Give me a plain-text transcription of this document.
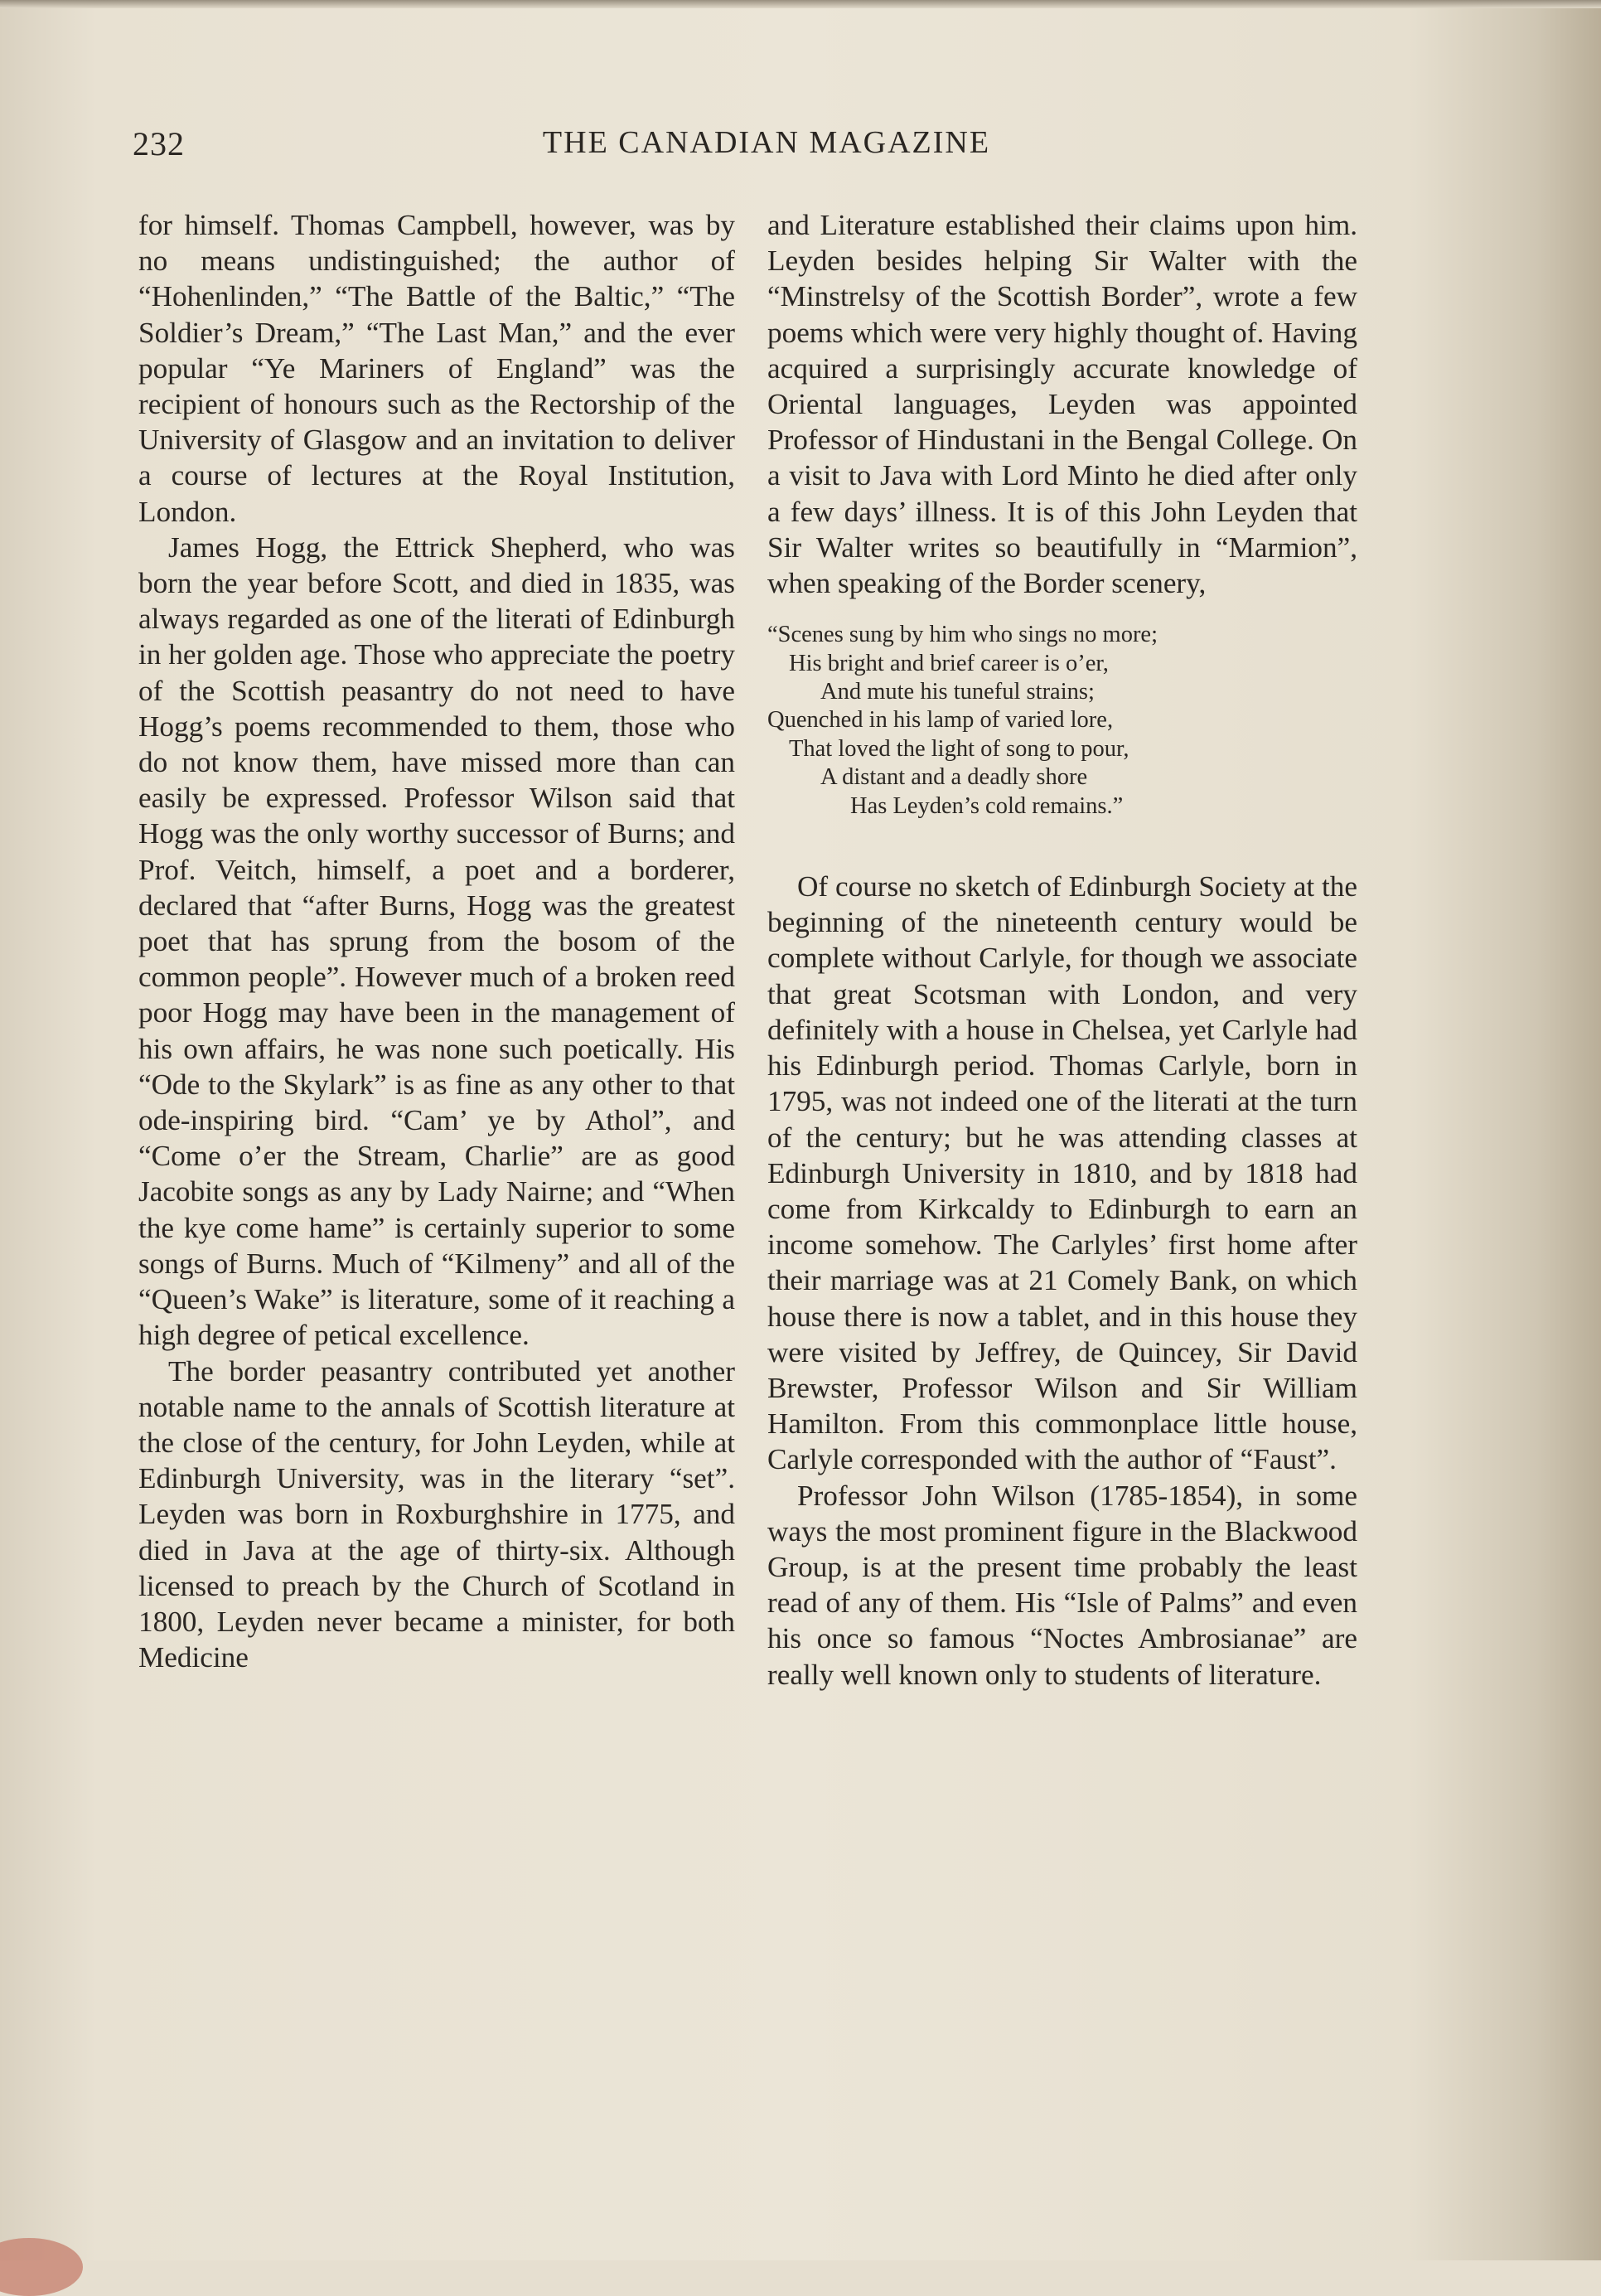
232	THE CANADIAN MAGAZINE

for himself. Thomas Campbell, however, was by no means undistinguished; the author of “Hohenlinden,” “The Battle of the Baltic,” “The Soldier’s Dream,” “The Last Man,” and the ever popular “Ye Mariners of England” was the recipient of honours such as the Rectorship of the University of Glasgow and an invitation to deliver a course of lectures at the Royal Institution, London.

James Hogg, the Ettrick Shepherd, who was born the year before Scott, and died in 1835, was always regarded as one of the literati of Edinburgh in her golden age. Those who appreciate the poetry of the Scottish peasantry do not need to have Hogg’s poems recommended to them, those who do not know them, have missed more than can easily be expressed. Professor Wilson said that Hogg was the only worthy successor of Burns; and Prof. Veitch, himself, a poet and a borderer, declared that “after Burns, Hogg was the greatest poet that has sprung from the bosom of the common people”. However much of a broken reed poor Hogg may have been in the management of his own affairs, he was none such poetically. His “Ode to the Skylark” is as fine as any other to that ode-inspiring bird. “Cam’ ye by Athol”, and “Come o’er the Stream, Charlie” are as good Jacobite songs as any by Lady Nairne; and “When the kye come hame” is certainly superior to some songs of Burns. Much of “Kilmeny” and all of the “Queen’s Wake” is literature, some of it reaching a high degree of petical excellence.

The border peasantry contributed yet another notable name to the annals of Scottish literature at the close of the century, for John Leyden, while at Edinburgh University, was in the literary “set”. Leyden was born in Roxburghshire in 1775, and died in Java at the age of thirty-six. Although licensed to preach by the Church of Scotland in 1800, Leyden never became a minister, for both Medicine

and Literature established their claims upon him. Leyden besides helping Sir Walter with the “Minstrelsy of the Scottish Border”, wrote a few poems which were very highly thought of. Having acquired a surprisingly accurate knowledge of Oriental languages, Leyden was appointed Professor of Hindustani in the Bengal College. On a visit to Java with Lord Minto he died after only a few days’ illness. It is of this John Leyden that Sir Walter writes so beautifully in “Marmion”, when speaking of the Border scenery,

“Scenes sung by him who sings no more;
His bright and brief career is o’er,
And mute his tuneful strains;
Quenched in his lamp of varied lore,
That loved the light of song to pour,
A distant and a deadly shore
Has Leyden’s cold remains.”

Of course no sketch of Edinburgh Society at the beginning of the nineteenth century would be complete without Carlyle, for though we associate that great Scotsman with London, and very definitely with a house in Chelsea, yet Carlyle had his Edinburgh period. Thomas Carlyle, born in 1795, was not indeed one of the literati at the turn of the century; but he was attending classes at Edinburgh University in 1810, and by 1818 had come from Kirkcaldy to Edinburgh to earn an income somehow. The Carlyles’ first home after their marriage was at 21 Comely Bank, on which house there is now a tablet, and in this house they were visited by Jeffrey, de Quincey, Sir David Brewster, Professor Wilson and Sir William Hamilton. From this commonplace little house, Carlyle corresponded with the author of “Faust”.

Professor John Wilson (1785-1854), in some ways the most prominent figure in the Blackwood Group, is at the present time probably the least read of any of them. His “Isle of Palms” and even his once so famous “Noctes Ambrosianae” are really well known only to students of literature.
